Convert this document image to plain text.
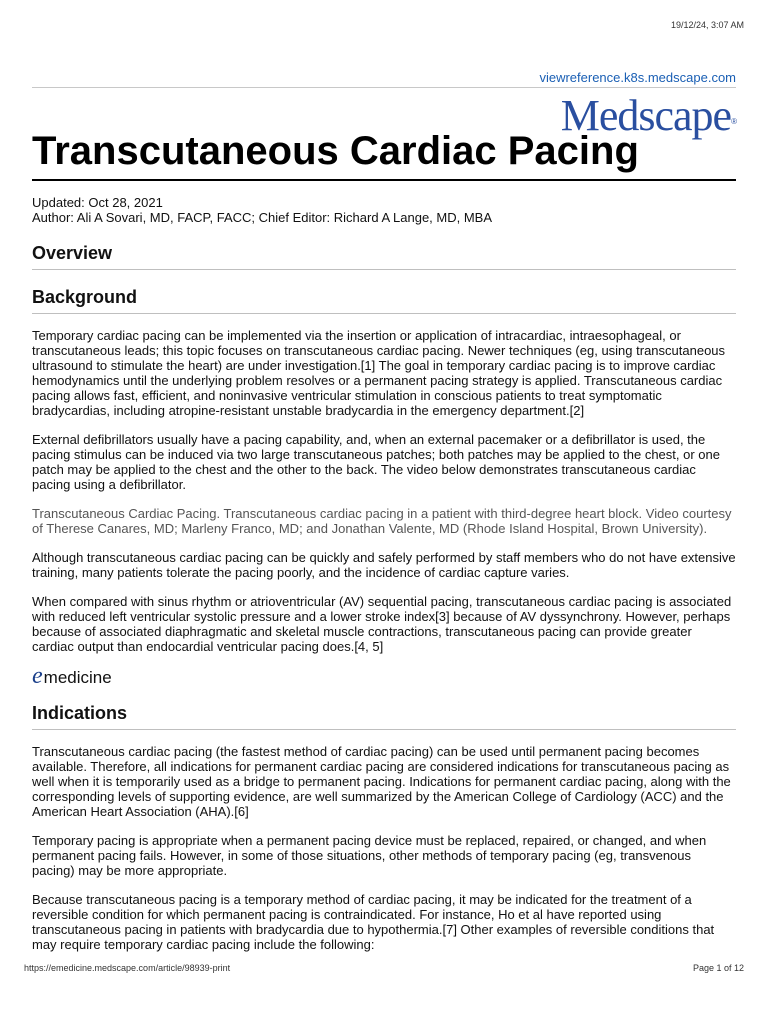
19/12/24, 3:07 AM
viewreference.k8s.medscape.com
Medscape®
Transcutaneous Cardiac Pacing
Updated: Oct 28, 2021
Author: Ali A Sovari, MD, FACP, FACC; Chief Editor: Richard A Lange, MD, MBA
Overview
Background

Temporary cardiac pacing can be implemented via the insertion or application of intracardiac, intraesophageal, or transcutaneous leads; this topic focuses on transcutaneous cardiac pacing. Newer techniques (eg, using transcutaneous ultrasound to stimulate the heart) are under investigation.[1] The goal in temporary cardiac pacing is to improve cardiac hemodynamics until the underlying problem resolves or a permanent pacing strategy is applied. Transcutaneous cardiac pacing allows fast, efficient, and noninvasive ventricular stimulation in conscious patients to treat symptomatic bradycardias, including atropine-resistant unstable bradycardia in the emergency department.[2]

External defibrillators usually have a pacing capability, and, when an external pacemaker or a defibrillator is used, the pacing stimulus can be induced via two large transcutaneous patches; both patches may be applied to the chest, or one patch may be applied to the chest and the other to the back. The video below demonstrates transcutaneous cardiac pacing using a defibrillator.

Transcutaneous Cardiac Pacing. Transcutaneous cardiac pacing in a patient with third-degree heart block. Video courtesy of Therese Canares, MD; Marleny Franco, MD; and Jonathan Valente, MD (Rhode Island Hospital, Brown University).

Although transcutaneous cardiac pacing can be quickly and safely performed by staff members who do not have extensive training, many patients tolerate the pacing poorly, and the incidence of cardiac capture varies.

When compared with sinus rhythm or atrioventricular (AV) sequential pacing, transcutaneous cardiac pacing is associated with reduced left ventricular systolic pressure and a lower stroke index[3] because of AV dyssynchrony. However, perhaps because of associated diaphragmatic and skeletal muscle contractions, transcutaneous pacing can provide greater cardiac output than endocardial ventricular pacing does.[4, 5]

e medicine
Indications

Transcutaneous cardiac pacing (the fastest method of cardiac pacing) can be used until permanent pacing becomes available. Therefore, all indications for permanent cardiac pacing are considered indications for transcutaneous pacing as well when it is temporarily used as a bridge to permanent pacing. Indications for permanent cardiac pacing, along with the corresponding levels of supporting evidence, are well summarized by the American College of Cardiology (ACC) and the American Heart Association (AHA).[6]

Temporary pacing is appropriate when a permanent pacing device must be replaced, repaired, or changed, and when permanent pacing fails. However, in some of those situations, other methods of temporary pacing (eg, transvenous pacing) may be more appropriate.

Because transcutaneous pacing is a temporary method of cardiac pacing, it may be indicated for the treatment of a reversible condition for which permanent pacing is contraindicated. For instance, Ho et al have reported using transcutaneous pacing in patients with bradycardia due to hypothermia.[7] Other examples of reversible conditions that may require temporary cardiac pacing include the following:

https://emedicine.medscape.com/article/98939-print	Page 1 of 12
